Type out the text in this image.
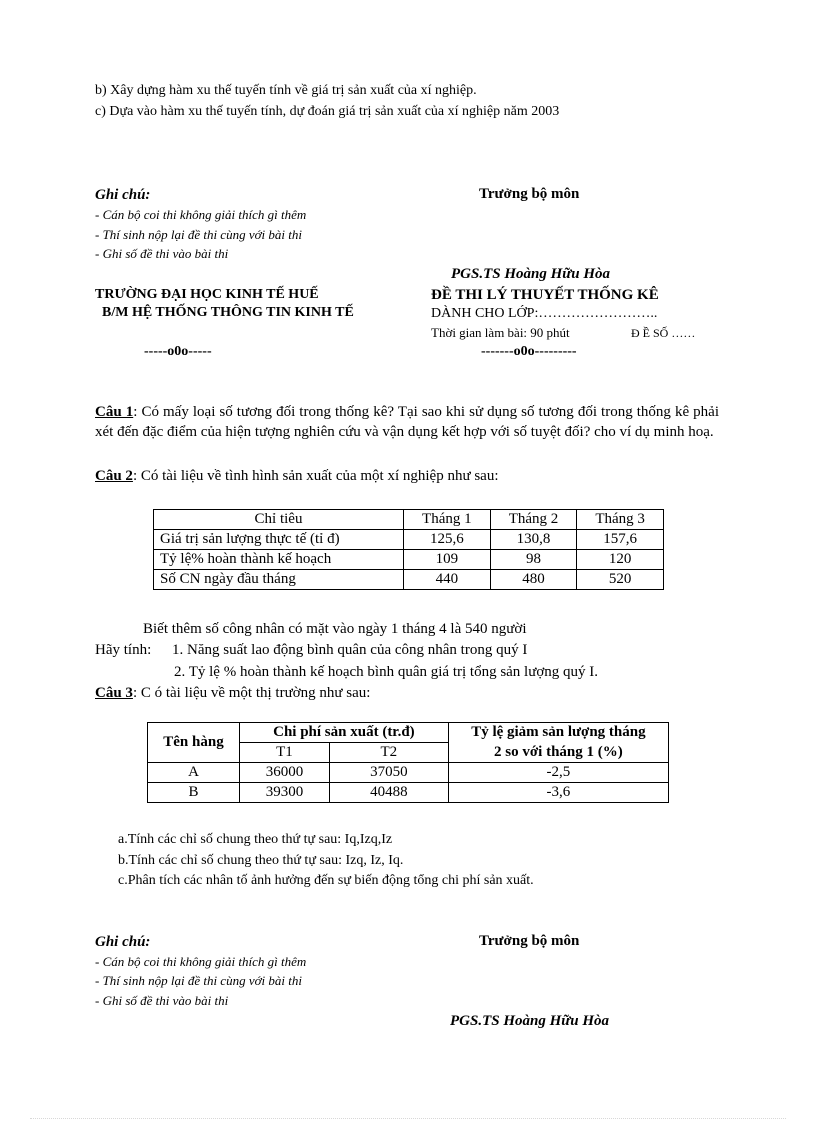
b) Xây dựng hàm xu thế tuyến tính về giá trị sản xuất của xí nghiệp.
c) Dựa vào hàm xu thế tuyến tính, dự đoán giá trị sản xuất của xí nghiệp năm 2003
Ghi chú:
- Cán bộ coi thi không giải thích gì thêm
- Thí sinh nộp lại đề thi cùng với bài thi
- Ghi số đề thi vào bài thi
Trưởng bộ môn
PGS.TS Hoàng Hữu Hòa
TRƯỜNG ĐẠI HỌC KINH TẾ HUẾ
B/M HỆ THỐNG THÔNG TIN KINH TẾ
-----o0o-----
ĐỀ THI LÝ THUYẾT THỐNG KÊ
DÀNH CHO LỚP:……………………..
Thời gian làm bài: 90 phút	Đ Ề SỐ ……
-------o0o---------
Câu 1: Có mấy loại số tương đối trong thống kê? Tại sao khi sử dụng số tương đối trong thống kê phải xét đến đặc điểm của hiện tượng nghiên cứu và vận dụng kết hợp với số tuyệt đối? cho ví dụ minh hoạ.
Câu 2: Có tài liệu về tình hình sản xuất của một xí nghiệp như sau:
Chỉ tiêu	Tháng 1	Tháng 2	Tháng 3
Giá trị sản lượng thực tế (tỉ đ)	125,6	130,8	157,6
Tỷ lệ% hoàn thành kế hoạch	109	98	120
Số CN ngày đầu tháng	440	480	520
Biết thêm số công nhân có mặt vào ngày 1 tháng 4 là 540 người
Hãy tính: 1. Năng suất lao động bình quân của công nhân trong quý I
2. Tỷ lệ % hoàn thành kế hoạch bình quân giá trị tổng sản lượng quý I.
Câu 3: C ó tài liệu về một thị trường như sau:
Tên hàng	Chi phí sản xuất (tr.đ)		Tỷ lệ giảm sản lượng tháng
	T1	T2	2 so với tháng 1 (%)
A	36000	37050	-2,5
B	39300	40488	-3,6
a.Tính các chỉ số chung theo thứ tự sau: Iq,Izq,Iz
b.Tính các chỉ số chung theo thứ tự sau: Izq, Iz, Iq.
c.Phân tích các nhân tố ảnh hưởng đến sự biến động tổng chi phí sản xuất.
Ghi chú:
- Cán bộ coi thi không giải thích gì thêm
- Thí sinh nộp lại đề thi cùng với bài thi
- Ghi số đề thi vào bài thi
Trưởng bộ môn
PGS.TS Hoàng Hữu Hòa
